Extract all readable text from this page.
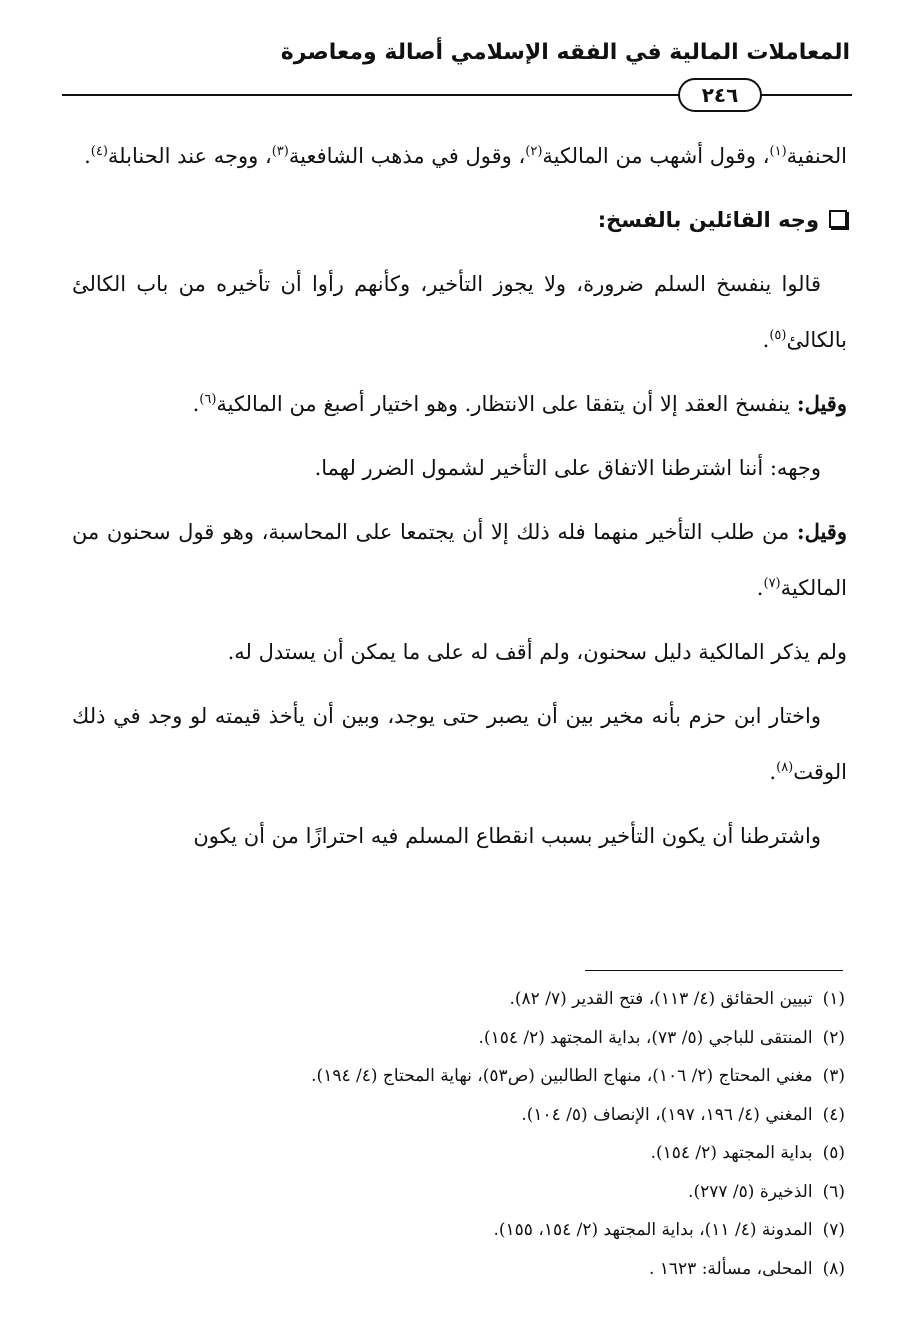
المعاملات المالية في الفقه الإسلامي أصالة ومعاصرة
٢٤٦

الحنفية$^{(١)}$، وقول أشهب من المالكية$^{(٢)}$، وقول في مذهب الشافعية$^{(٣)}$، ووجه عند الحنابلة$^{(٤)}$.

وجه القائلين بالفسخ:

قالوا ينفسخ السلم ضرورة، ولا يجوز التأخير، وكأنهم رأوا أن تأخيره من باب الكالئ بالكالئ$^{(٥)}$.

وقيل: ينفسخ العقد إلا أن يتفقا على الانتظار. وهو اختيار أصبغ من المالكية$^{(٦)}$.

وجهه: أننا اشترطنا الاتفاق على التأخير لشمول الضرر لهما.

وقيل: من طلب التأخير منهما فله ذلك إلا أن يجتمعا على المحاسبة، وهو قول سحنون من المالكية$^{(٧)}$.

ولم يذكر المالكية دليل سحنون، ولم أقف له على ما يمكن أن يستدل له.

واختار ابن حزم بأنه مخير بين أن يصبر حتى يوجد، وبين أن يأخذ قيمته لو وجد في ذلك الوقت$^{(٨)}$.

واشترطنا أن يكون التأخير بسبب انقطاع المسلم فيه احترازًا من أن يكون

(١)تبيين الحقائق (٤/ ١١٣)، فتح القدير (٧/ ٨٢).
(٢)المنتقى للباجي (٥/ ٧٣)، بداية المجتهد (٢/ ١٥٤).
(٣)مغني المحتاج (٢/ ١٠٦)، منهاج الطالبين (ص٥٣)، نهاية المحتاج (٤/ ١٩٤).
(٤)المغني (٤/ ١٩٦، ١٩٧)، الإنصاف (٥/ ١٠٤).
(٥)بداية المجتهد (٢/ ١٥٤).
(٦)الذخيرة (٥/ ٢٧٧).
(٧)المدونة (٤/ ١١)، بداية المجتهد (٢/ ١٥٤، ١٥٥).
(٨)المحلى، مسألة: ١٦٢٣ .
